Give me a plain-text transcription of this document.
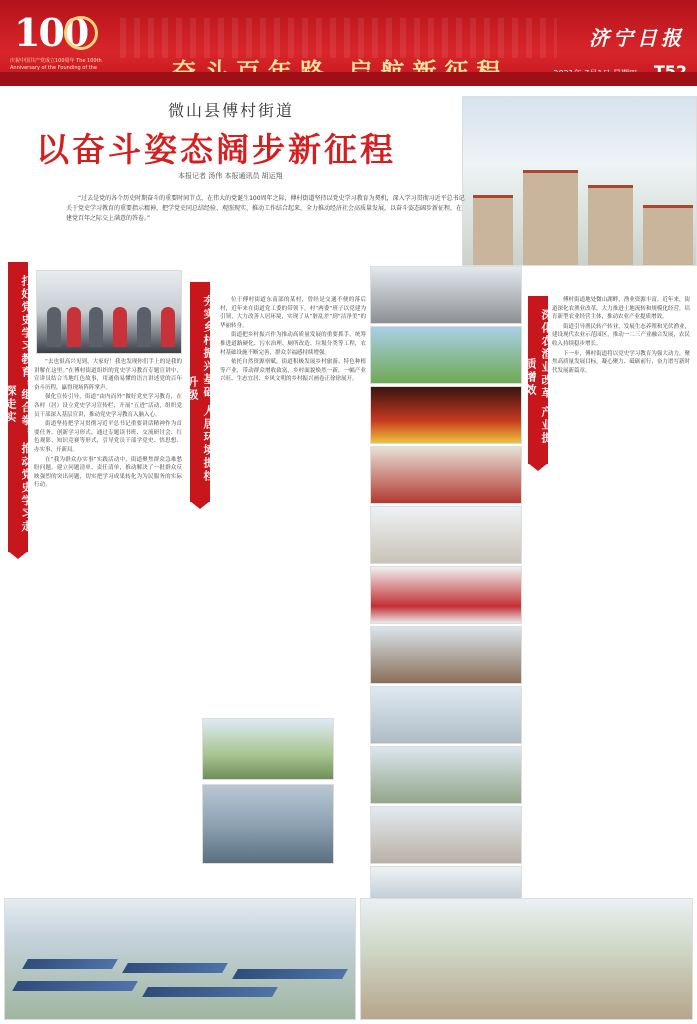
100
庆祝中国共产党成立100周年 The 100th Anniversary of the Founding of the
济宁日报
微山县傅村街道
以奋斗姿态阔步新征程
本报记者 汤伟 本报通讯员 胡运翔
“过去是党的各个历史时期奋斗的重要时间节点，在伟大的党诞生100周年之际，傅村街道坚持以党史学习教育为契机，深入学习贯彻习近平总书记关于党史学习教育的重要指示精神，把学党史同总结经验、观照现实、推动工作结合起来，全力推动经济社会高质量发展，以奋斗姿态阔步新征程，在建党百年之际交上满意的答卷。”
打好党史学习教育“组合拳” 推动党史学习走深走实	夯实乡村振兴基础 人居环境提档升级	深化农渔业改革 产业提质增效

“去也很高兴见到，大家好！我也发现你们手上的是我的讲解在这里。”在傅村街道组织的党史学习教育专题宣讲中，宣讲员结合当地红色故事，用通俗易懂的语言讲述党的百年奋斗历程，赢得现场阵阵掌声。

强化宣传引导，街道“由内而外”做好党史学习教育，在各村（居）设立党史学习宣传栏，开展“五进”活动，组织党员干部深入基层宣讲，推动党史学习教育入脑入心。

街道坚持把学习贯彻习近平总书记重要讲话精神作为首要任务，创新学习形式，通过专题读书班、交流研讨会、红色观影、知识竞赛等形式，引导党员干部学党史、悟思想、办实事、开新局。

在“我为群众办实事”实践活动中，街道聚焦群众急难愁盼问题，建立问题清单、责任清单，推动解决了一批群众反映强烈的突出问题，切实把学习成果转化为为民服务的实际行动。

位于傅村街道东南部的某村，曾经是交通不便的落后村，近年来在街道党工委的带领下，村“两委”班子以党建为引领，大力改善人居环境，实现了从“脏乱差”到“洁净美”的华丽转身。

街道把乡村振兴作为推动高质量发展的重要抓手，统筹推进道路硬化、污水治理、厕所改造、垃圾分类等工程，农村基础设施不断完善，群众幸福感持续增强。

依托自然资源禀赋，街道积极发展乡村旅游、特色种植等产业，带动群众增收致富，乡村面貌焕然一新，一幅产业兴旺、生态宜居、乡风文明的乡村振兴画卷正徐徐展开。

傅村街道地处微山湖畔，渔业资源丰富。近年来，街道深化农渔业改革，大力推进土地流转和规模化经营，培育新型农业经营主体，推动农业产业提质增效。

街道引导渔民转产转业，发展生态养殖和光伏渔业，建设现代农业示范园区，推动一二三产业融合发展，农民收入持续稳步增长。

下一步，傅村街道将以党史学习教育为强大动力，聚焦高质量发展目标，凝心聚力、砥砺前行，奋力谱写新时代发展新篇章。
